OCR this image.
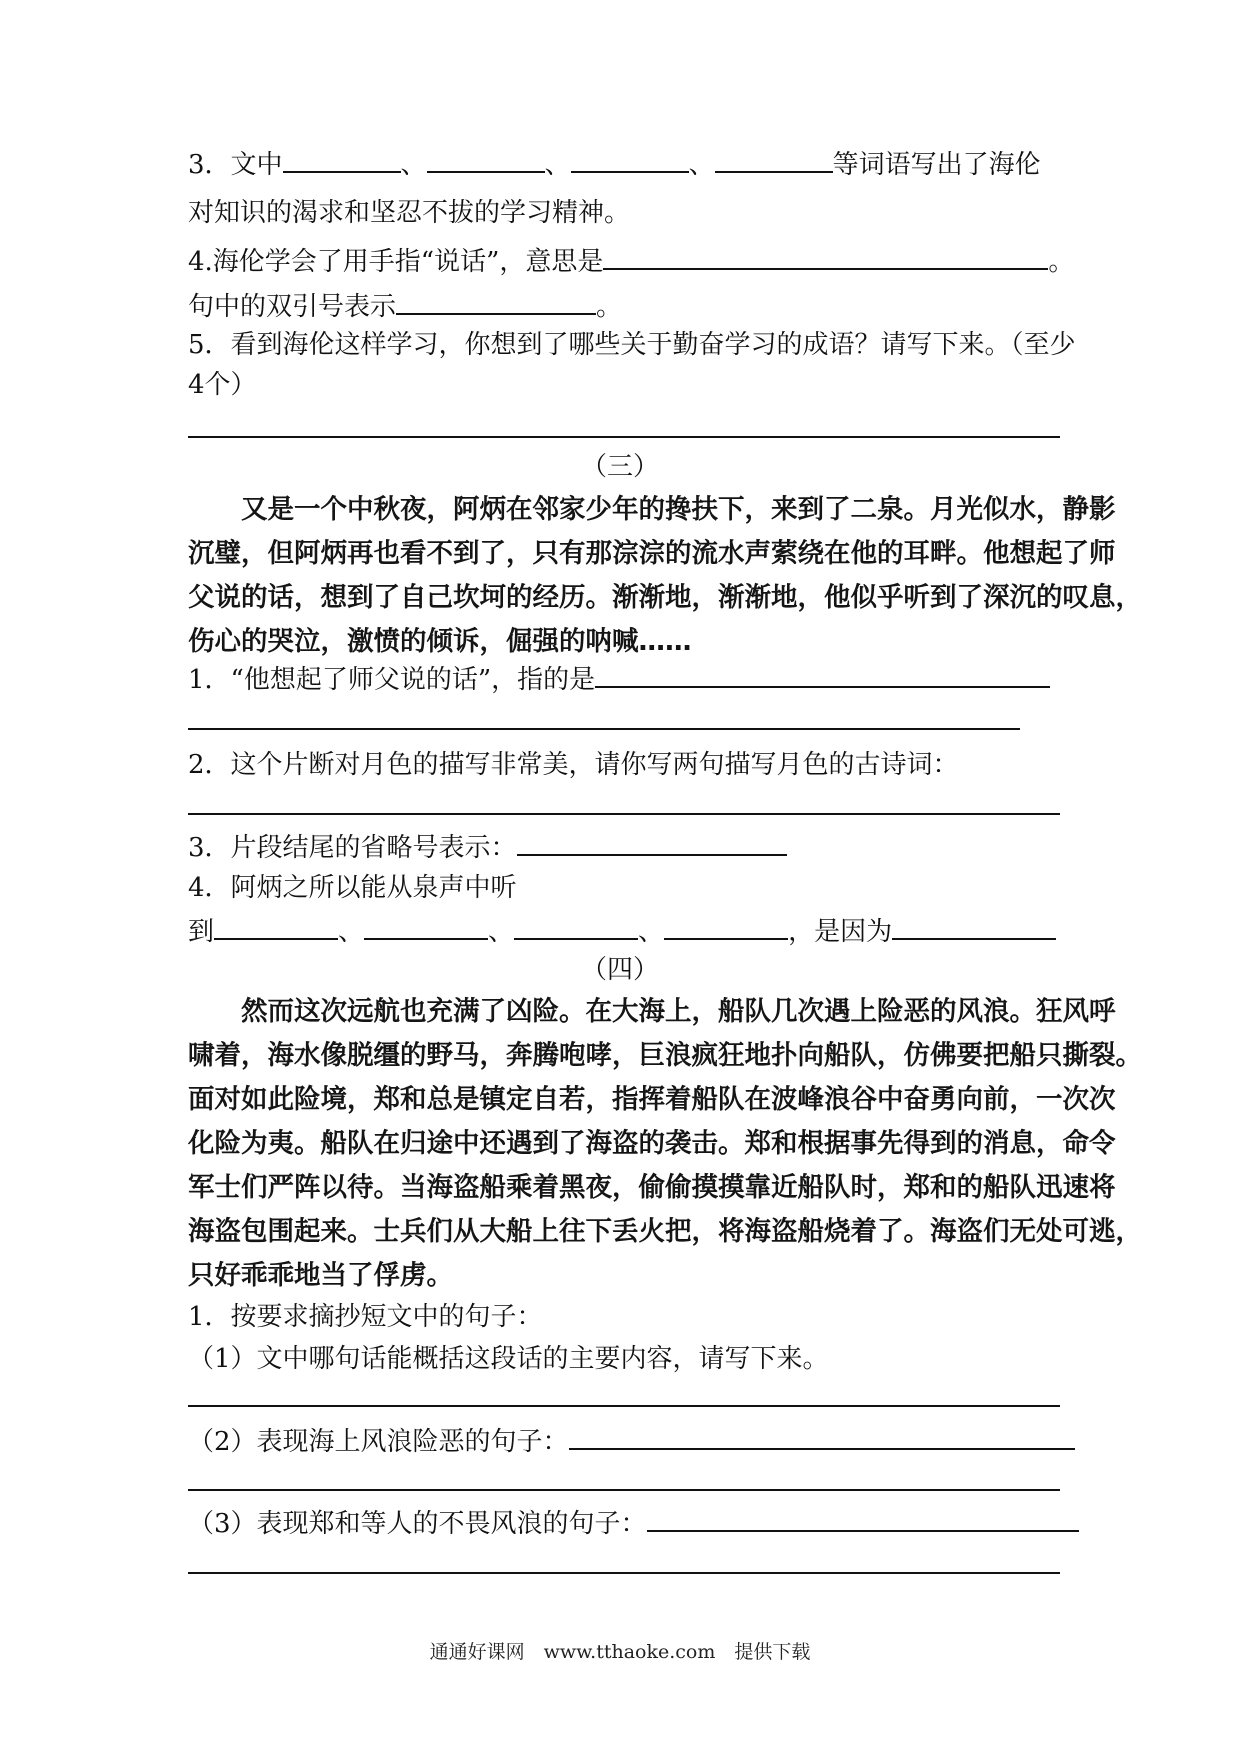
3．文中	、	、	、	等词语写出了海伦
对知识的渴求和坚忍不拔的学习精神。
4.海伦学会了用手指“说话”，意思是	。
句中的双引号表示	。
5．看到海伦这样学习，你想到了哪些关于勤奋学习的成语？请写下来。（至少
4个）
（三）
　　又是一个中秋夜，阿炳在邻家少年的搀扶下，来到了二泉。月光似水，静影
沉璧，但阿炳再也看不到了，只有那淙淙的流水声萦绕在他的耳畔。他想起了师
父说的话，想到了自己坎坷的经历。渐渐地，渐渐地，他似乎听到了深沉的叹息，
伤心的哭泣，激愤的倾诉，倔强的呐喊……
1．“他想起了师父说的话”，指的是
2．这个片断对月色的描写非常美，请你写两句描写月色的古诗词：
3．片段结尾的省略号表示：
4．阿炳之所以能从泉声中听
到	、	、	、	，是因为
（四）
　　然而这次远航也充满了凶险。在大海上，船队几次遇上险恶的风浪。狂风呼
啸着，海水像脱缰的野马，奔腾咆哮，巨浪疯狂地扑向船队，仿佛要把船只撕裂。
面对如此险境，郑和总是镇定自若，指挥着船队在波峰浪谷中奋勇向前，一次次
化险为夷。船队在归途中还遇到了海盗的袭击。郑和根据事先得到的消息，命令
军士们严阵以待。当海盗船乘着黑夜，偷偷摸摸靠近船队时，郑和的船队迅速将
海盗包围起来。士兵们从大船上往下丢火把，将海盗船烧着了。海盗们无处可逃，
只好乖乖地当了俘虏。
1．按要求摘抄短文中的句子：
（1）文中哪句话能概括这段话的主要内容，请写下来。
（2）表现海上风浪险恶的句子：
（3）表现郑和等人的不畏风浪的句子：
通通好课网　www.tthaoke.com　提供下载
